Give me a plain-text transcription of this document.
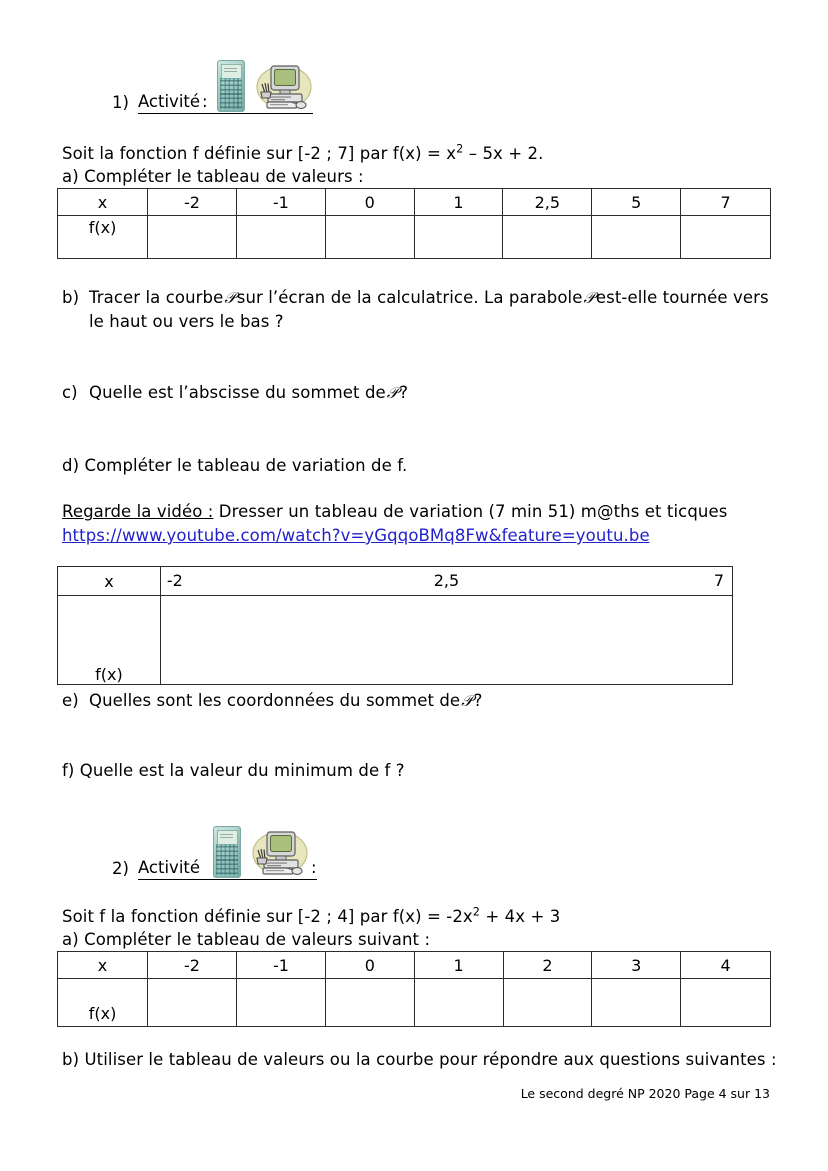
1) Activité :
Soit la fonction f définie sur [-2 ; 7] par $f(x) = x^2 - 5x + 2$.
a) Compléter le tableau de valeurs :
x	-2	-1	0	1	2,5	5	7
f(x)							
b) Tracer la courbe𝒫sur l’écran de la calculatrice. La parabole𝒫est-elle tournée vers
le haut ou vers le bas ?
c) Quelle est l’abscisse du sommet de𝒫?
d) Compléter le tableau de variation de f.
Regarde la vidéo : Dresser un tableau de variation (7 min 51) m@ths et ticques
https://www.youtube.com/watch?v=yGqqoBMq8Fw&feature=youtu.be
x	-2 2,5 7

f(x)	
e) Quelles sont les coordonnées du sommet de𝒫?
f) Quelle est la valeur du minimum de f ?
2) Activité	:
Soit f la fonction définie sur [-2 ; 4] par $f(x) = -2x^2 + 4x + 3$
a) Compléter le tableau de valeurs suivant :
x	-2	-1	0	1	2	3	4
f(x)							
b) Utiliser le tableau de valeurs ou la courbe pour répondre aux questions suivantes :
Le second degré NP 2020 Page 4 sur 13
